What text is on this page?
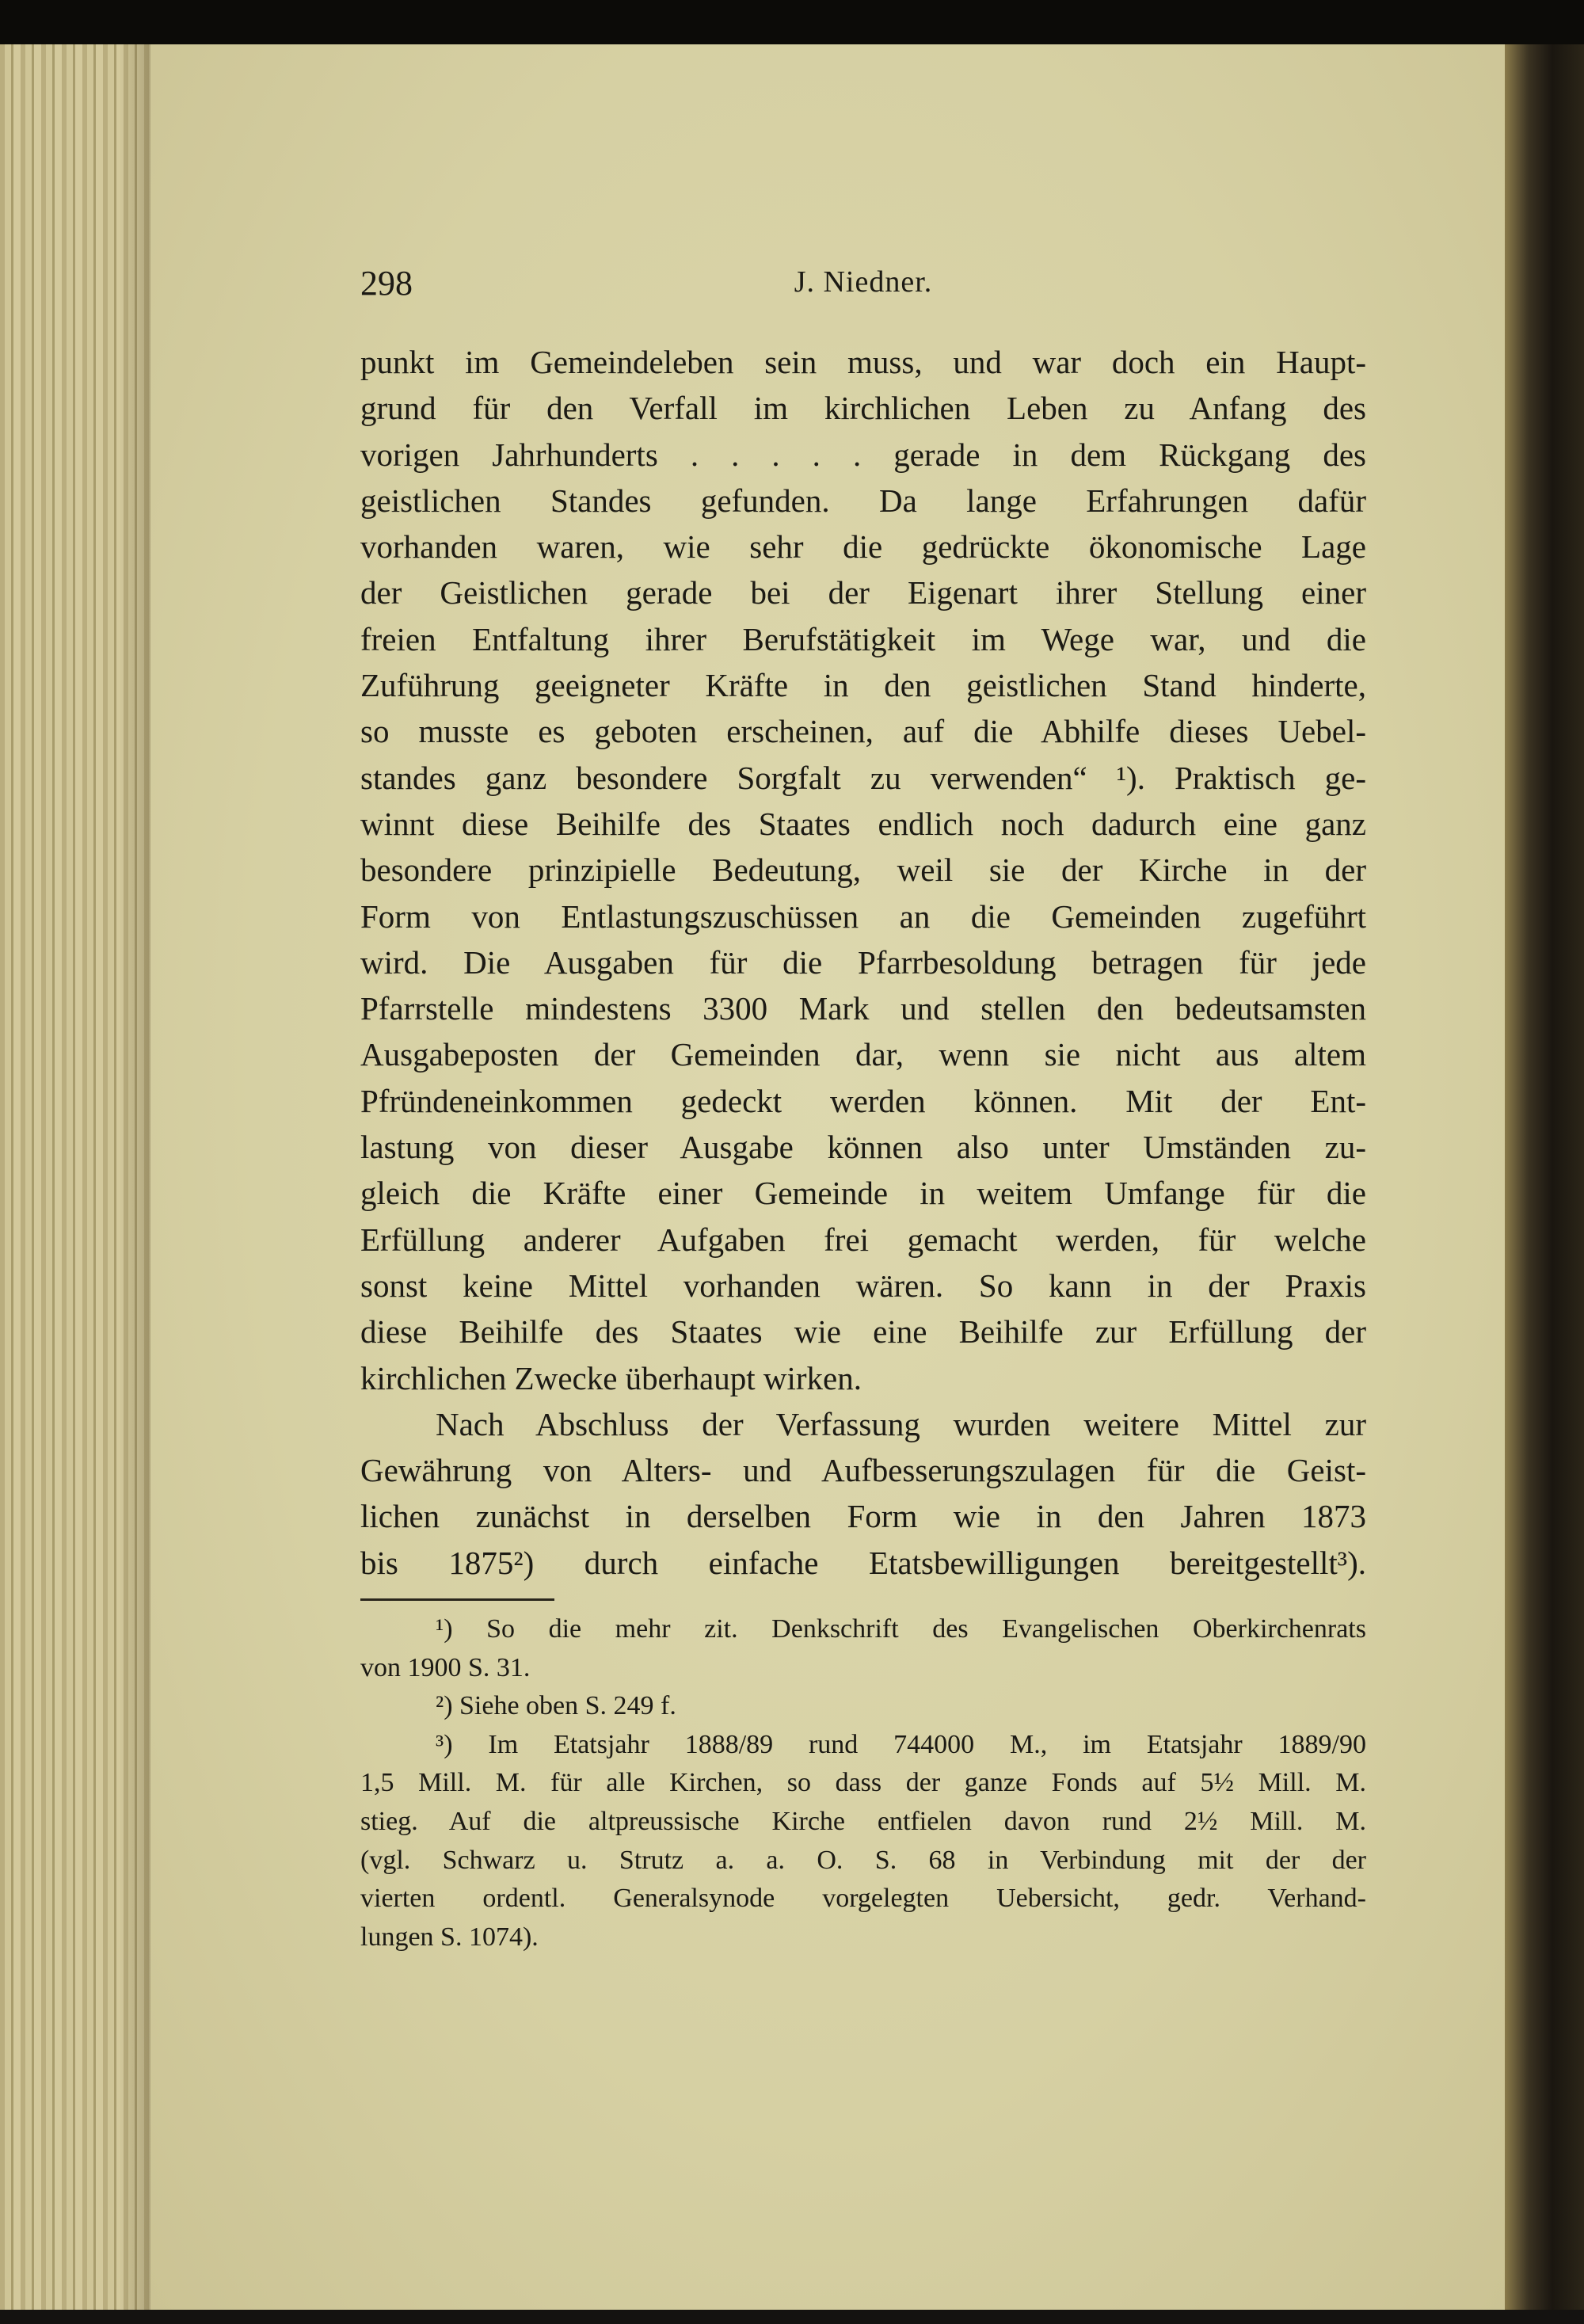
298	J. Niedner.
punkt im Gemeindeleben sein muss, und war doch ein Haupt-
grund für den Verfall im kirchlichen Leben zu Anfang des
vorigen Jahrhunderts . . . . . gerade in dem Rückgang des
geistlichen Standes gefunden. Da lange Erfahrungen dafür
vorhanden waren, wie sehr die gedrückte ökonomische Lage
der Geistlichen gerade bei der Eigenart ihrer Stellung einer
freien Entfaltung ihrer Berufstätigkeit im Wege war, und die
Zuführung geeigneter Kräfte in den geistlichen Stand hinderte,
so musste es geboten erscheinen, auf die Abhilfe dieses Uebel-
standes ganz besondere Sorgfalt zu verwenden“ ¹). Praktisch ge-
winnt diese Beihilfe des Staates endlich noch dadurch eine ganz
besondere prinzipielle Bedeutung, weil sie der Kirche in der
Form von Entlastungszuschüssen an die Gemeinden zugeführt
wird. Die Ausgaben für die Pfarrbesoldung betragen für jede
Pfarrstelle mindestens 3300 Mark und stellen den bedeutsamsten
Ausgabeposten der Gemeinden dar, wenn sie nicht aus altem
Pfründeneinkommen gedeckt werden können. Mit der Ent-
lastung von dieser Ausgabe können also unter Umständen zu-
gleich die Kräfte einer Gemeinde in weitem Umfange für die
Erfüllung anderer Aufgaben frei gemacht werden, für welche
sonst keine Mittel vorhanden wären. So kann in der Praxis
diese Beihilfe des Staates wie eine Beihilfe zur Erfüllung der
kirchlichen Zwecke überhaupt wirken.
Nach Abschluss der Verfassung wurden weitere Mittel zur
Gewährung von Alters- und Aufbesserungszulagen für die Geist-
lichen zunächst in derselben Form wie in den Jahren 1873
bis 1875²) durch einfache Etatsbewilligungen bereitgestellt³).
¹) So die mehr zit. Denkschrift des Evangelischen Oberkirchenrats
von 1900 S. 31.
²) Siehe oben S. 249 f.
³) Im Etatsjahr 1888/89 rund 744000 M., im Etatsjahr 1889/90
1,5 Mill. M. für alle Kirchen, so dass der ganze Fonds auf 5½ Mill. M.
stieg. Auf die altpreussische Kirche entfielen davon rund 2½ Mill. M.
(vgl. Schwarz u. Strutz a. a. O. S. 68 in Verbindung mit der der
vierten ordentl. Generalsynode vorgelegten Uebersicht, gedr. Verhand-
lungen S. 1074).
